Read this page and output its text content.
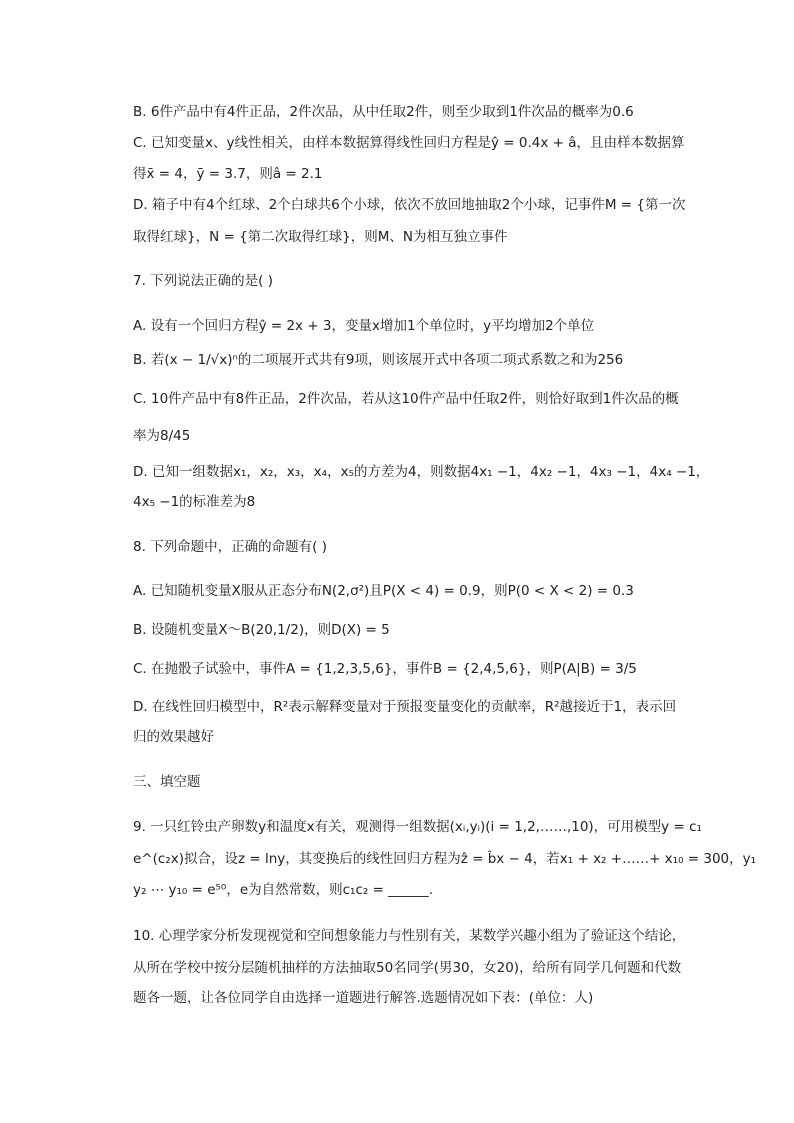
B. 6件产品中有4件正品，2件次品，从中任取2件，则至少取到1件次品的概率为0.6
C. 已知变量x、y线性相关，由样本数据算得线性回归方程是ŷ = 0.4x + â，且由样本数据算
得x̄ = 4，ȳ = 3.7，则â = 2.1
D. 箱子中有4个红球、2个白球共6个小球，依次不放回地抽取2个小球，记事件M = {第一次
取得红球}，N = {第二次取得红球}，则M、N为相互独立事件
7. 下列说法正确的是( )
A. 设有一个回归方程ŷ = 2x + 3，变量x增加1个单位时，y平均增加2个单位
B. 若(x − 1/√x)ⁿ的二项展开式共有9项，则该展开式中各项二项式系数之和为256
C. 10件产品中有8件正品，2件次品，若从这10件产品中任取2件，则恰好取到1件次品的概
率为8/45
D. 已知一组数据x₁，x₂，x₃，x₄，x₅的方差为4，则数据4x₁ −1，4x₂ −1，4x₃ −1，4x₄ −1，
4x₅ −1的标准差为8
8. 下列命题中，正确的命题有( )
A. 已知随机变量X服从正态分布N(2,σ²)且P(X < 4) = 0.9，则P(0 < X < 2) = 0.3
B. 设随机变量X～B(20,1/2)，则D(X) = 5
C. 在抛骰子试验中，事件A = {1,2,3,5,6}，事件B = {2,4,5,6}，则P(A|B) = 3/5
D. 在线性回归模型中，R²表示解释变量对于预报变量变化的贡献率，R²越接近于1，表示回
归的效果越好
三、填空题
9. 一只红铃虫产卵数y和温度x有关，观测得一组数据(xᵢ,yᵢ)(i = 1,2,……,10)，可用模型y = c₁
e^(c₂x)拟合，设z = lny，其变换后的线性回归方程为ẑ = b̂x − 4，若x₁ + x₂ +……+ x₁₀ = 300，y₁
y₂ ⋯ y₁₀ = e⁵⁰，e为自然常数，则c₁c₂ = ______.
10. 心理学家分析发现视觉和空间想象能力与性别有关，某数学兴趣小组为了验证这个结论，
从所在学校中按分层随机抽样的方法抽取50名同学(男30，女20)，给所有同学几何题和代数
题各一题，让各位同学自由选择一道题进行解答.选题情况如下表：(单位：人)
